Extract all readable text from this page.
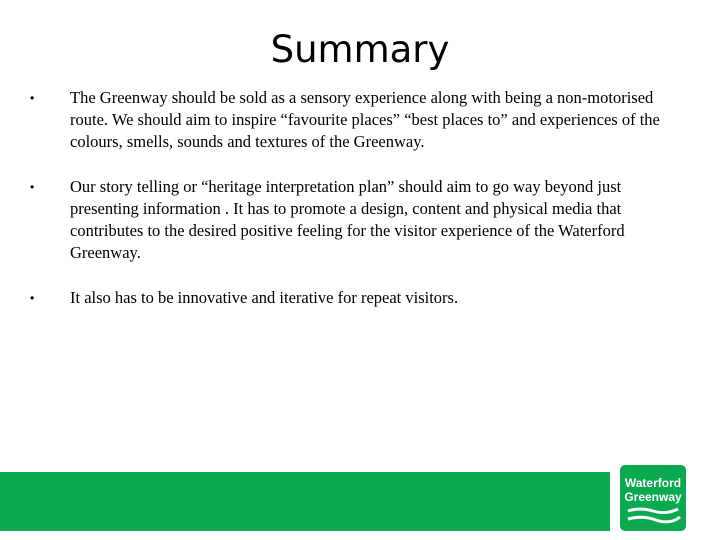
Summary
•	The Greenway should be sold as a sensory experience along with being a non-motorised route. We should aim to inspire “favourite places” “best places to” and experiences of the colours, smells, sounds and textures of the Greenway.
•	Our story telling or “heritage interpretation plan” should aim to go way beyond just presenting information . It has to promote a design, content and physical media that contributes to the desired positive feeling for the visitor experience of the Waterford Greenway.
•	It also has to be innovative and iterative for repeat visitors.
Waterford
Greenway
